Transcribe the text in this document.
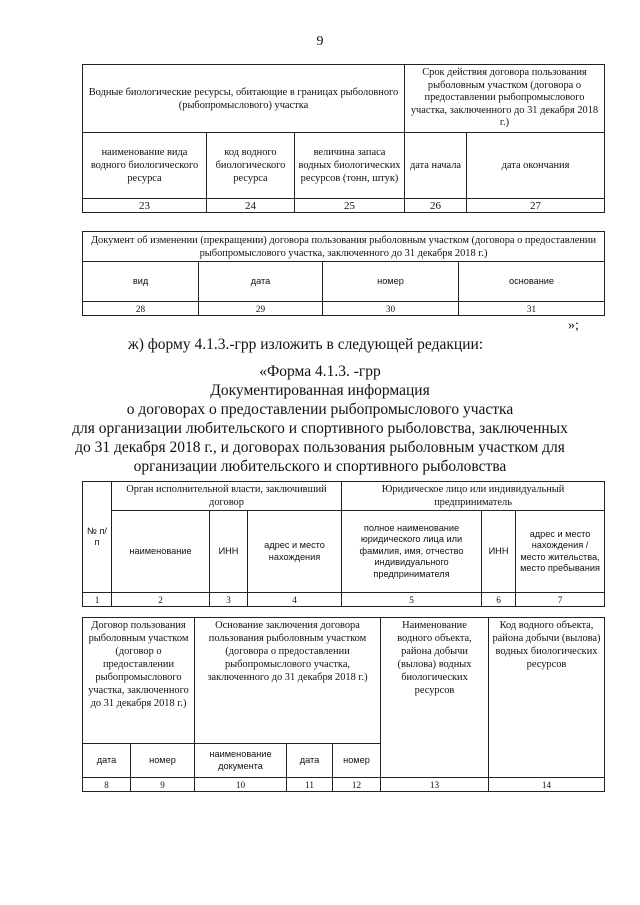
9
Водные биологические ресурсы, обитающие в границах рыболовного (рыбопромыслового) участка			Срок действия договора пользования рыболовным участком (договора о предоставлении рыбопромыслового участка, заключенного до 31 декабря 2018 г.)	
наименование вида водного биологического ресурса	код водного биологического ресурса	величина запаса водных биологических ресурсов (тонн, штук)	дата начала	дата окончания
23	24	25	26	27
Документ об изменении (прекращении) договора пользования рыболовным участком (договора о предоставлении рыбопромыслового участка, заключенного до 31 декабря 2018 г.)			
вид	дата	номер	основание
28	29	30	31
»;
ж) форму 4.1.3.-грр изложить в следующей редакции:
«Форма 4.1.3. -грр
Документированная информация
о договорах о предоставлении рыбопромыслового участка
для организации любительского и спортивного рыболовства, заключенных
до 31 декабря 2018 г., и договорах пользования рыболовным участком для
организации любительского и спортивного рыболовства
№ п/п	Орган исполнительной власти, заключивший договор			Юридическое лицо или индивидуальный предприниматель		
	наименование	ИНН	адрес и место нахождения	полное наименование юридического лица или фамилия, имя, отчество индивидуального предпринимателя	ИНН	адрес и место нахождения / место жительства, место пребывания
1	2	3	4	5	6	7
Договор пользования рыболовным участком (договор о предоставлении рыбопромыслового участка, заключенного до 31 декабря 2018 г.)		Основание заключения договора пользования рыболовным участком (договора о предоставлении рыбопромыслового участка, заключенного до 31 декабря 2018 г.)			Наименование водного объекта, района добычи (вылова) водных биологических ресурсов	Код водного объекта, района добычи (вылова) водных биологических ресурсов
дата	номер	наименование документа	дата	номер		
8	9	10	11	12	13	14
